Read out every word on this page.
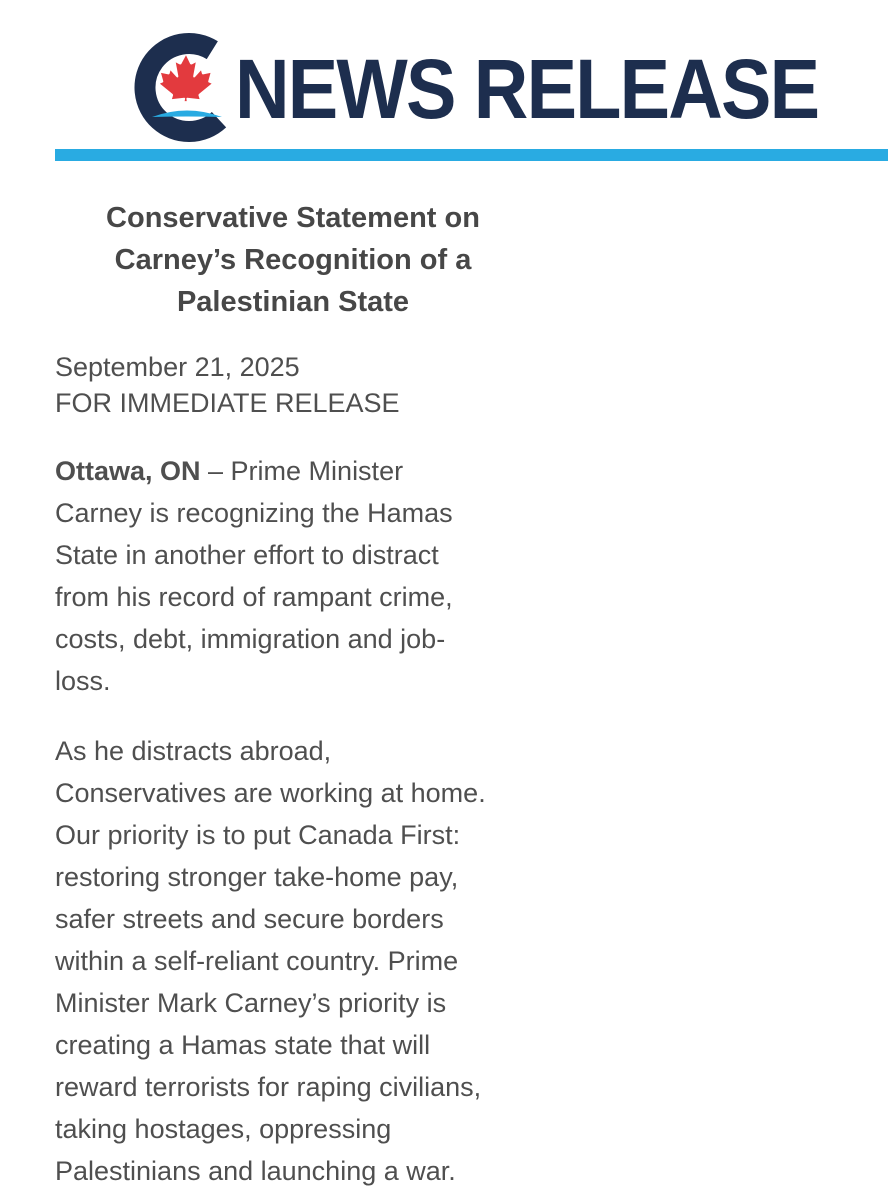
NEWS RELEASE
Conservative Statement on
Carney’s Recognition of a
Palestinian State
September 21, 2025
FOR IMMEDIATE RELEASE
Ottawa, ON – Prime Minister
Carney is recognizing the Hamas
State in another effort to distract
from his record of rampant crime,
costs, debt, immigration and job-
loss.
As he distracts abroad,
Conservatives are working at home.
Our priority is to put Canada First:
restoring stronger take-home pay,
safer streets and secure borders
within a self-reliant country. Prime
Minister Mark Carney’s priority is
creating a Hamas state that will
reward terrorists for raping civilians,
taking hostages, oppressing
Palestinians and launching a war.
